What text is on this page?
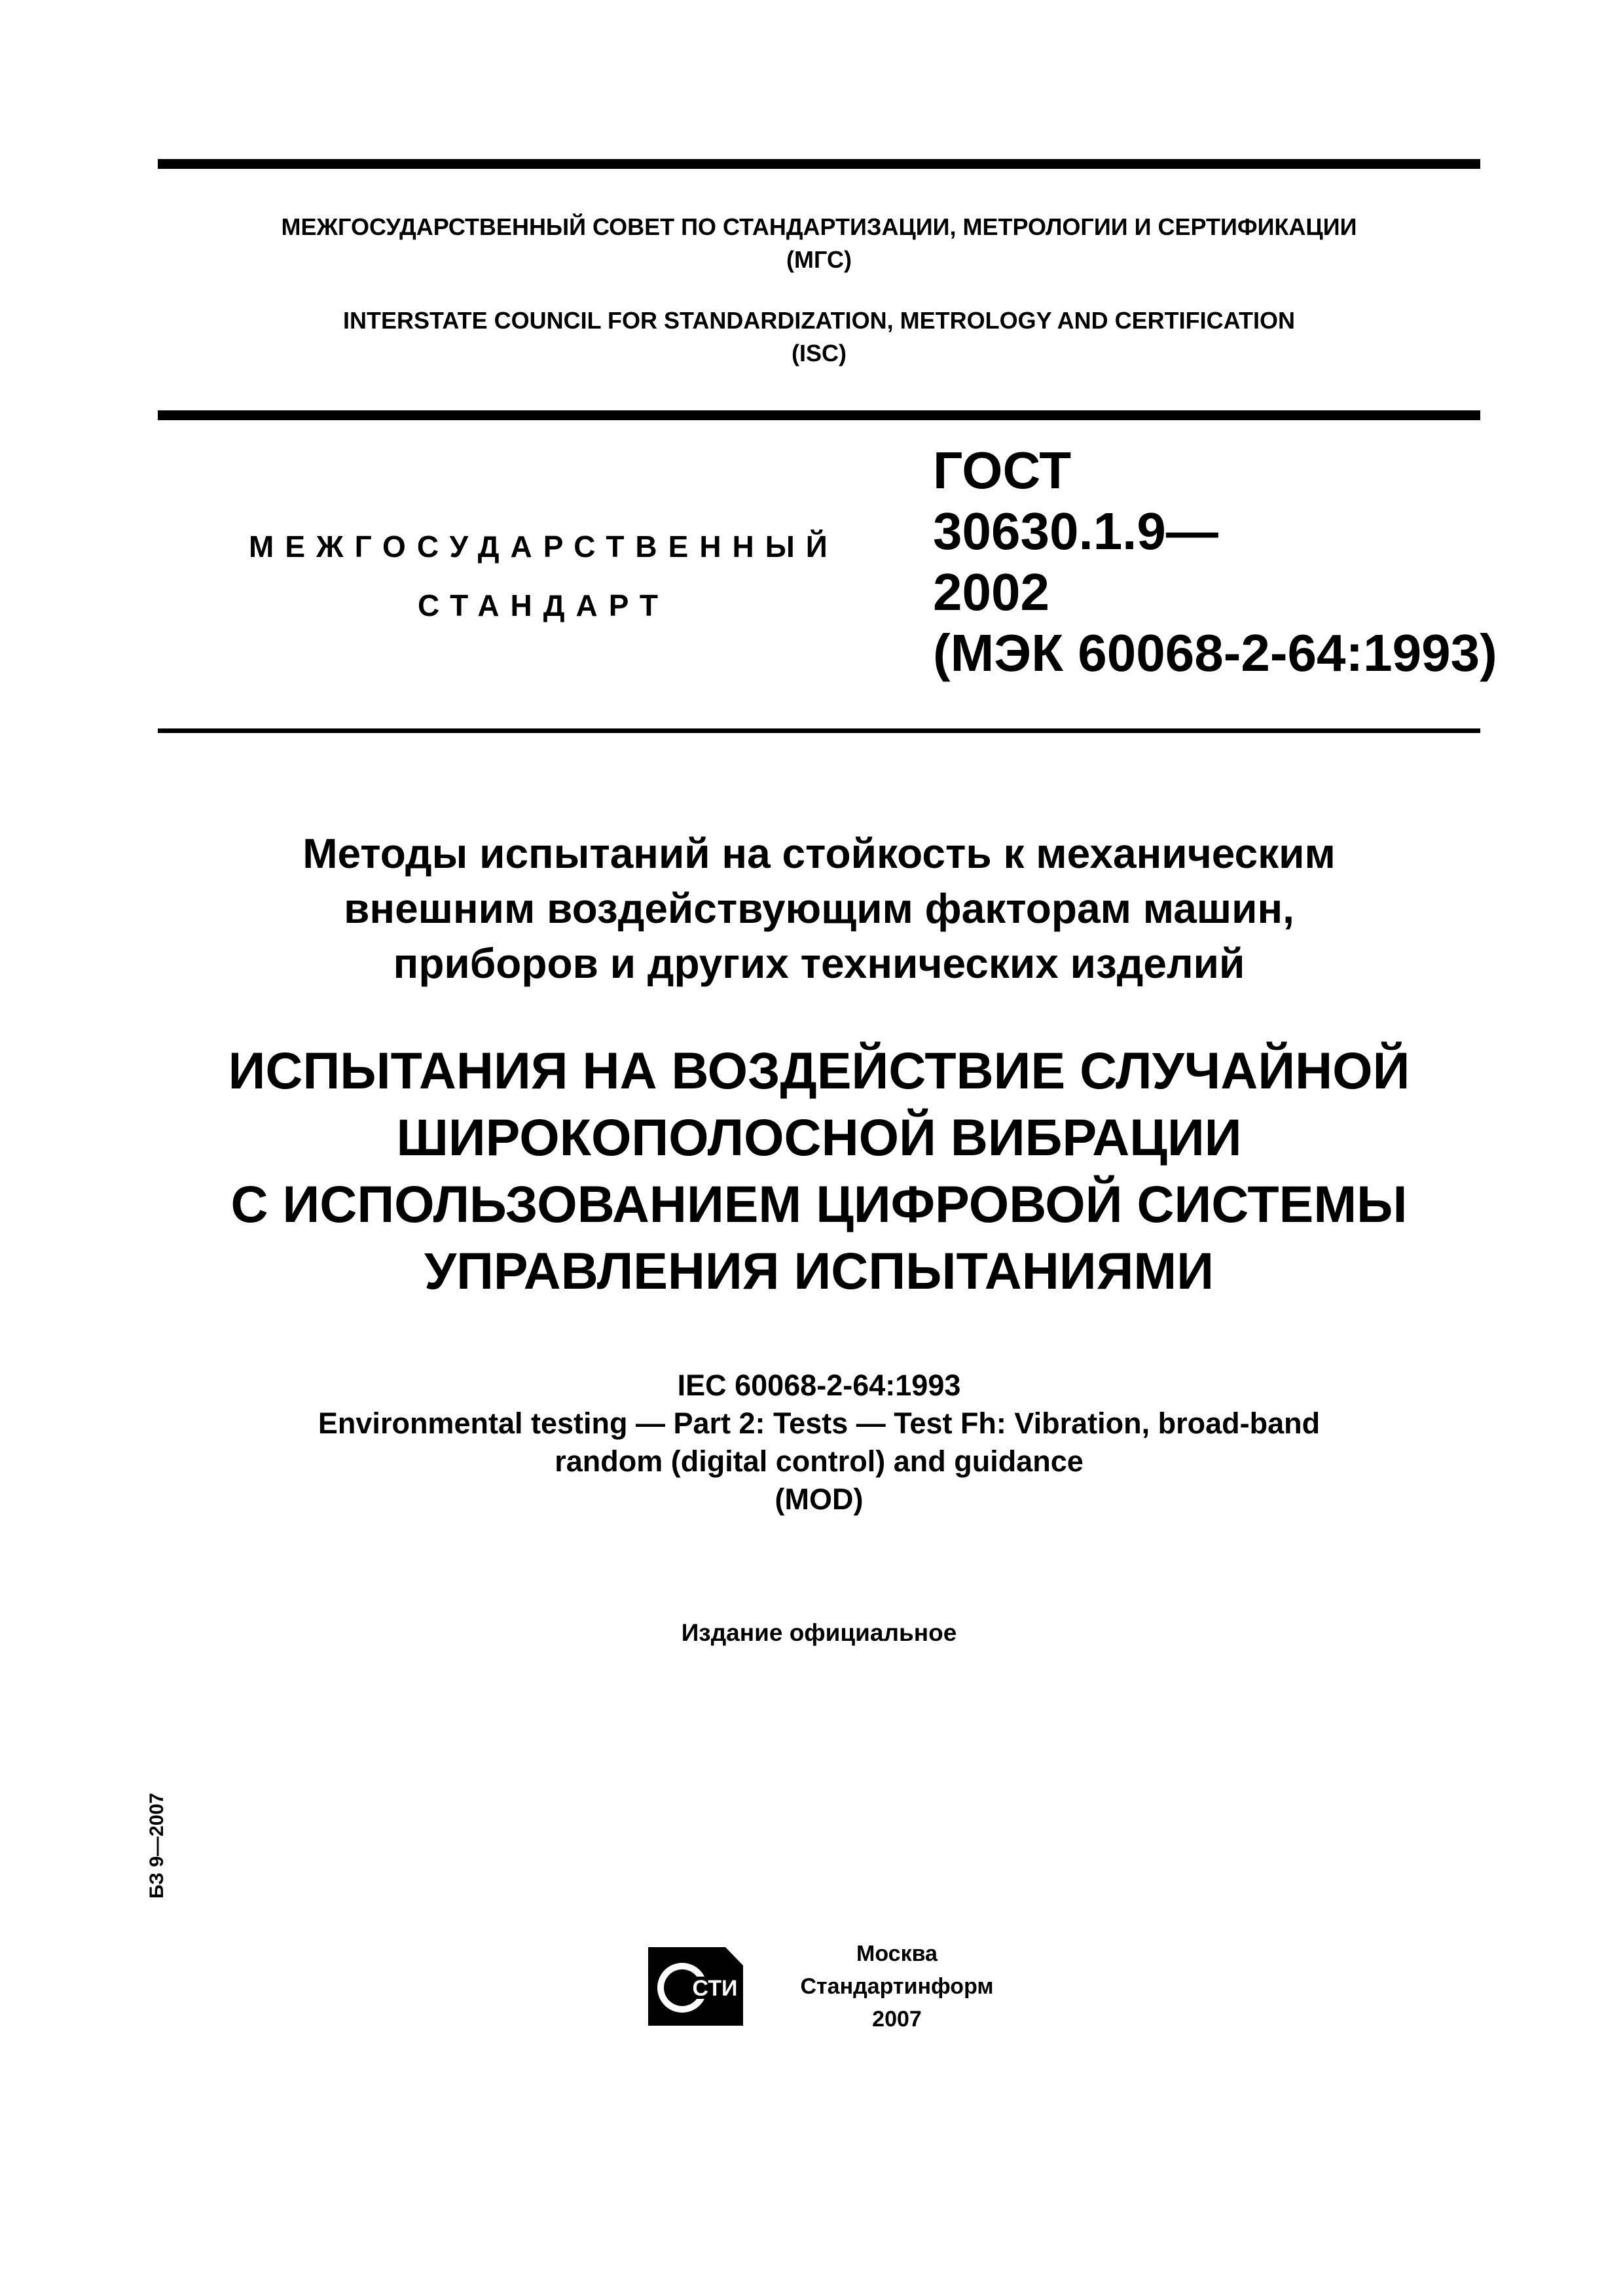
МЕЖГОСУДАРСТВЕННЫЙ СОВЕТ ПО СТАНДАРТИЗАЦИИ, МЕТРОЛОГИИ И СЕРТИФИКАЦИИ
(МГС)
INTERSTATE COUNCIL FOR STANDARDIZATION, METROLOGY AND CERTIFICATION
(ISC)
МЕЖГОСУДАРСТВЕННЫЙ
СТАНДАРТ
ГОСТ
30630.1.9—
2002
(МЭК 60068-2-64:1993)
Методы испытаний на стойкость к механическим
внешним воздействующим факторам машин,
приборов и других технических изделий
ИСПЫТАНИЯ НА ВОЗДЕЙСТВИЕ СЛУЧАЙНОЙ
ШИРОКОПОЛОСНОЙ ВИБРАЦИИ
С ИСПОЛЬЗОВАНИЕМ ЦИФРОВОЙ СИСТЕМЫ
УПРАВЛЕНИЯ ИСПЫТАНИЯМИ
IEC 60068-2-64:1993
Environmental testing — Part 2: Tests — Test Fh: Vibration, broad-band
random (digital control) and guidance
(MOD)
Издание официальное
БЗ 9—2007
СТИ
Москва
Стандартинформ
2007
